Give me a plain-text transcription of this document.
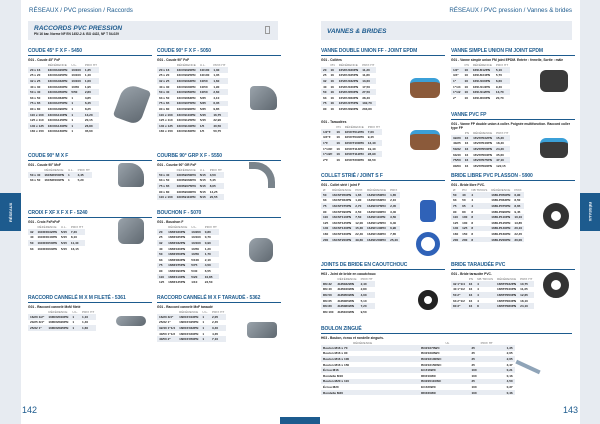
RÉSEAUX	RÉSEAUX
RÉSEAUX / PVC pression / Raccords	RÉSEAUX / PVC pression / Vannes & brides
RACCORDS PVC PRESSION
PN 16 bar. Norme NF EN 1452-2 & ISO 4422, NF T 54-029	VANNES & BRIDES
142	143
COUDE 45° F X F - 5450
G01 - Coude 45° FxF
	RÉFÉRENCE	U.L.	PRIX HT
20 x 16	16CRA020PN	10/100	1,35
25 x 20	16CRA025PN	10/100	1,40
32 x 25	16CRA032PN	10/100	1,60
40 x 30	16CRA040PN	10/50	1,95
50 x 40	16CRA050PN	5/50	2,80
63 x 50	16CRA063PN	1	3,85
75 x 65	16CRA075PN	1	6,45
90 x 80	16CRA090PN	1	8,25
110 x 100	16CRA110PN	1	13,20
125 x 110	16CRA125PN	1	20,15
140 x 125	16CRA140PN	1	26,80
160 x 150	16CRA160PN	1	35,60
COUDE 90° F X F - 5050
G01 - Coude 90° FxF
	RÉFÉRENCE	U.L.	PRIX HT
20 x 16	16CF9020PN	10/100	1,30
25 x 20	16CF9025PN	10/100	1,35
32 x 25	16CF9032PN	10/50	1,60
40 x 30	16CF9040PN	10/50	1,90
50 x 40	16CF9050PN	10/50	2,60
63 x 50	16CF9063PN	5/25	4,10
75 x 65	16CF9075PN	5/25	6,35
90 x 80	16CF9090PN	5/25	9,85
110 x 100	16CF9110PN	5/15	16,75
125 x 110	16CF9125PN	5/15	22,90
140 x 125	16CF9140PN	1/5	40,50
160 x 150	16CF9160PN	1/5	50,75
COUDE 90° M X F
G01 - Coude 90° MxF
	RÉFÉRENCE	U.L.	PRIX HT
50 x 40	16CMF050PN	1	3,45
63 x 50	16CMF063PN	1	5,20
COURBE 90° GRP X F - 5550
G01 - Courbe 90° GR FxF
	RÉFÉRENCE	U.L.	PRIX HT
50 x 40	16CB9050PN	5/15	3,50
63 x 50	16CB9063PN	5/15	5,45
75 x 65	16CB9075PN	5/15	8,05
90 x 80	16CB9090PN	5/15	14,25
110 x 100	16CB9110PN	5/15	20,55
CROIX F XF X F X F - 5240
G01 - Croix FxFxFxF
	RÉFÉRENCE	U.L.	PRIX HT
32	16CRX032PN	5/15	7,20
40	16CRX040PN	5/15	8,10
50	16CRX050PN	5/15	11,40
63	16CRX063PN	5/15	16,15
BOUCHON F - 5070
G01 - Bouchon F
	RÉFÉRENCE	U.L.	PRIX HT
20	16BF020PN	10/200	0,80
25	16BF025PN	10/100	0,70
32	16BF032PN	10/100	0,90
40	16BF040PN	10/50	1,20
50	16BF050PN	10/50	1,70
63	16BF063PN	5/100	2,10
75	16BF075PN	5/75	4,50
90	16BF090PN	5/40	6,55
110	16BF110PN	5/20	10,85
125	16BF125PN	1/10	22,50
RACCORD CANNELÉ M X M FILETÉ - 5361
G01 - Raccord cannelé MxM fileté
	RÉFÉRENCE	U.L.	PRIX HT
16/20 1/2"	16RCM016PN	1	1,10
20/25 3/4"	16RCM020PN	1	1,40
25/32 1"	16RCM025PN	1	1,60
RACCORD CANNELÉ M X F TARAUDÉ - 5362
G01 - Raccord cannelé MxF taraudé
	RÉFÉRENCE	U.L.	PRIX HT
16/20 3/4"	16RCF016PN	1	2,05
25/32 1"	16RCF025PN	1	2,45
32/40 1"1/4	16RCF032PN	1	3,40
40/50 1"1/2	16RCF040PN	1	4,35
40/50 2"	16RCF050PN	1	7,10
VANNE DOUBLE UNION FF - JOINT EPDM
G01 - Collées
	PN	RÉFÉRENCE	PRIX HT
20	16	16VDU020PN	11,20
25	16	16VDU025PN	11,80
32	16	16VDU032PN	13,60
40	16	16VDU040PN	17,50
50	16	16VDU050PN	27,50
63	16	16VDU063PN	38,40
75	16	16VDU075PN	102,70
90	16	16VDU090PN	203,80
G01 - Taraudées
	PN	RÉFÉRENCE	PRIX HT
1/2"F	16	16VDT012PN	7,60
3/4"F	16	16VDT034PN	9,45
1"F	16	16VDT100PN	13,40
1"1/4F	16	16VDT114PN	19,40
1"1/2F	16	16VDT112PN	28,90
2"F	16	16VDT200PN	36,50
VANNE SIMPLE UNION FM JOINT EPDM
G01 - Vanne simple union FM joint EPDM. Entrée : femelle, Sortie : mâle
	PN	RÉFÉRENCE	PRIX HT
1/2"	16	16SU012PN	5,10
3/4"	16	16SU034PN	5,70
1"	16	16SU100PN	6,60
1"1/4	16	16SU114PN	9,40
1"1/2	16	16SU112PN	13,70
2"	16	16SU200PN	20,70
VANNE PVC FP
G01 - Vanne FP double union à coller. Poignée multifonction. Raccord coller type FP
	PN	RÉFÉRENCE	PRIX HT
32/20	16	16VFP032PN	15,20
40/25	16	16VFP040PN	18,40
50/32	16	16VFP050PN	24,20
63/40	16	16VFP063PN	35,60
75/50	16	16VFP075PN	47,10
90/63	16	16VFP090PN	122,15
COLLET STRIÉ / JOINT S F
G01 - Collet strié / joint F
Ø	RÉFÉRENCE	PRIX	RÉFÉRENCE	PRIX
50	16CST050PN	1,65	16JSF050PN	1,65
63	16CST063PN	1,90	16JSF063PN	2,10
75	16CST075PN	2,70	16JSF075PN	2,45
90	16CST090PN	3,50	16JSF090PN	3,40
110	16CST110PN	7,50	16JSF110PN	3,50
125	16CST125PN	12,00	16JSF125PN	6,40
140	16CST140PN	15,30	16JSF140PN	6,90
160	16CST160PN	22,40	16JSF160PN	7,65
200	16CST200PN	49,60	16JSF200PN	25,40
BRIDE LIBRE PVC PLASSON - 5900
G01 - Bride libre PVC.
Ø	PN	NB TROUS	RÉFÉRENCE	PRIX
50	40	4	16BLP050PN	6,90
63	50	4	16BLP063PN	8,50
75	65	4	16BLP075PN	8,65
90	80	8	16BLP090PN	9,45
110	100	8	16BLP110PN	10,10
125	100	8	16BLP125PN	13,85
140	125	8	16BLP140PN	20,10
160	150	8	16BLP160PN	22,45
200	200	8	16BLP200PN	30,00
JOINTS DE BRIDE EN CAOUTCHOUC
H03 - Joint de bride en caoutchouc
	RÉFÉRENCE	PRIX HT
DN 32	2HB032WN	2,40
DN 40	2HB040WN	2,80
DN 50	2HB050WN	4,00
DN 65	2HB065WN	5,10
DN 80	2HB080WN	7,20
DN 100	2HB100WN	9,50
BRIDE TARAUDÉE PVC
G01 - Bride taraudée PVC.
	PN	NB TROUS	RÉFÉRENCE	PRIX HT
32 1"1/4	16	4	16BTP032PN	10,75
40 1"1/2	16	4	16BTP040PN	11,35
50 2"	16	4	16BTP050PN	12,65
63 2"1/2	16	4	16BTP063PN	18,10
80 3"	16	8	16BTP080PN	24,10
BOULON ZINGUÉ
H03 - Boulon, écrou et rondelle zingués.
	RÉFÉRENCE	UL	PRIX HT
Boulon M16 x 70	BOZ1670WC	25	1,35
Boulon M16 x 90	BOZ1690WC	25	2,05
Boulon M16 x 100	BOZ16100WC	25	2,65
Boulon M16 x 150	BOZ16150WC	25	3,47
Écrou M16	ECZ16WC	100	0,21
Rondelle M16	RDZ16WC	100	0,16
Boulon M20 x 110	BOZ20110WC	25	4,50
Écrou M20	ECZ20WC	100	0,37
Rondelle M20	RDZ20WC	100	0,46
